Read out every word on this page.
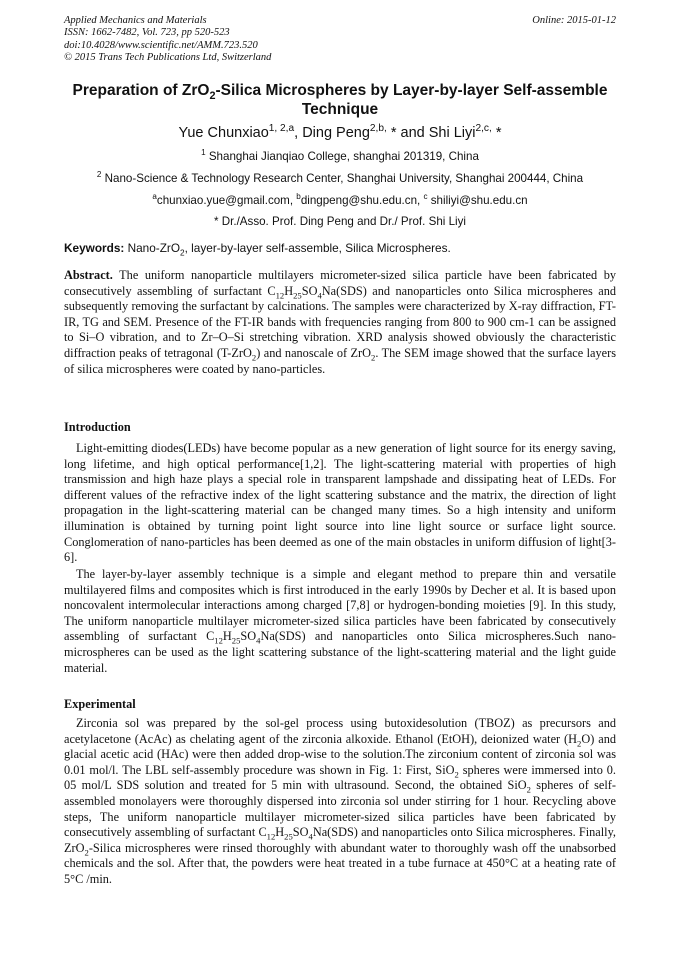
Applied Mechanics and Materials
ISSN: 1662-7482, Vol. 723, pp 520-523
doi:10.4028/www.scientific.net/AMM.723.520
© 2015 Trans Tech Publications Ltd, Switzerland
Online: 2015-01-12
Preparation of ZrO$_2$-Silica Microspheres by Layer-by-layer Self-assemble Technique
Yue Chunxiao$^{1, 2,a}$, Ding Peng$^{2,b,}$ * and Shi Liyi$^{2,c,}$ *
$^1$ Shanghai Jianqiao College, shanghai 201319, China
$^2$ Nano-Science & Technology Research Center, Shanghai University, Shanghai 200444, China
$^a$chunxiao.yue@gmail.com, $^b$dingpeng@shu.edu.cn, $^c$ shiliyi@shu.edu.cn
* Dr./Asso. Prof. Ding Peng and Dr./ Prof. Shi Liyi
Keywords: Nano-ZrO$_2$, layer-by-layer self-assemble, Silica Microspheres.

Abstract. The uniform nanoparticle multilayers micrometer-sized silica particle have been fabricated by consecutively assembling of surfactant $C_{12}H_{25}SO_4Na(SDS)$ and nanoparticles onto Silica microspheres and subsequently removing the surfactant by calcinations. The samples were characterized by X-ray diffraction, FT-IR, TG and SEM. Presence of the FT-IR bands with frequencies ranging from 800 to 900 cm-1 can be assigned to Si–O vibration, and to Zr–O–Si stretching vibration. XRD analysis showed obviously the characteristic diffraction peaks of tetragonal (T-ZrO$_2$) and nanoscale of ZrO$_2$. The SEM image showed that the surface layers of silica microspheres were coated by nano-particles.

Introduction

Light-emitting diodes(LEDs) have become popular as a new generation of light source for its energy saving, long lifetime, and high optical performance[1,2]. The light-scattering material with properties of high transmission and high haze plays a special role in transparent lampshade and dissipating heat of LEDs. For different values of the refractive index of the light scattering substance and the matrix, the direction of light propagation in the light-scattering material can be changed many times. So a high intensity and uniform illumination is obtained by turning point light source into line light source or surface light source. Conglomeration of nano-particles has been deemed as one of the main obstacles in uniform diffusion of light[3-6].

The layer-by-layer assembly technique is a simple and elegant method to prepare thin and versatile multilayered films and composites which is first introduced in the early 1990s by Decher et al. It is based upon noncovalent intermolecular interactions among charged [7,8] or hydrogen-bonding moieties [9]. In this study, The uniform nanoparticle multilayer micrometer-sized silica particles have been fabricated by consecutively assembling of surfactant $C_{12}H_{25}SO_4Na(SDS)$ and nanoparticles onto Silica microspheres.Such nano-microspheres can be used as the light scattering substance of the light-scattering material and the light guide material.

Experimental

Zirconia sol was prepared by the sol-gel process using butoxidesolution (TBOZ) as precursors and acetylacetone (AcAc) as chelating agent of the zirconia alkoxide. Ethanol (EtOH), deionized water $(H_2O)$ and glacial acetic acid (HAc) were then added drop-wise to the solution.The zirconium content of zirconia sol was 0.01 mol/l. The LBL self-assembly procedure was shown in Fig. 1: First, SiO$_2$ spheres were immersed into 0. 05 mol/L SDS solution and treated for 5 min with ultrasound. Second, the obtained SiO$_2$ spheres of self-assembled monolayers were thoroughly dispersed into zirconia sol under stirring for 1 hour. Recycling above steps, The uniform nanoparticle multilayer micrometer-sized silica particles have been fabricated by consecutively assembling of surfactant $C_{12}H_{25}SO_4Na(SDS)$ and nanoparticles onto Silica microspheres. Finally, ZrO$_2$-Silica microspheres were rinsed thoroughly with abundant water to thoroughly wash off the unabsorbed chemicals and the sol. After that, the powders were heat treated in a tube furnace at 450°C at a heating rate of 5°C /min.
